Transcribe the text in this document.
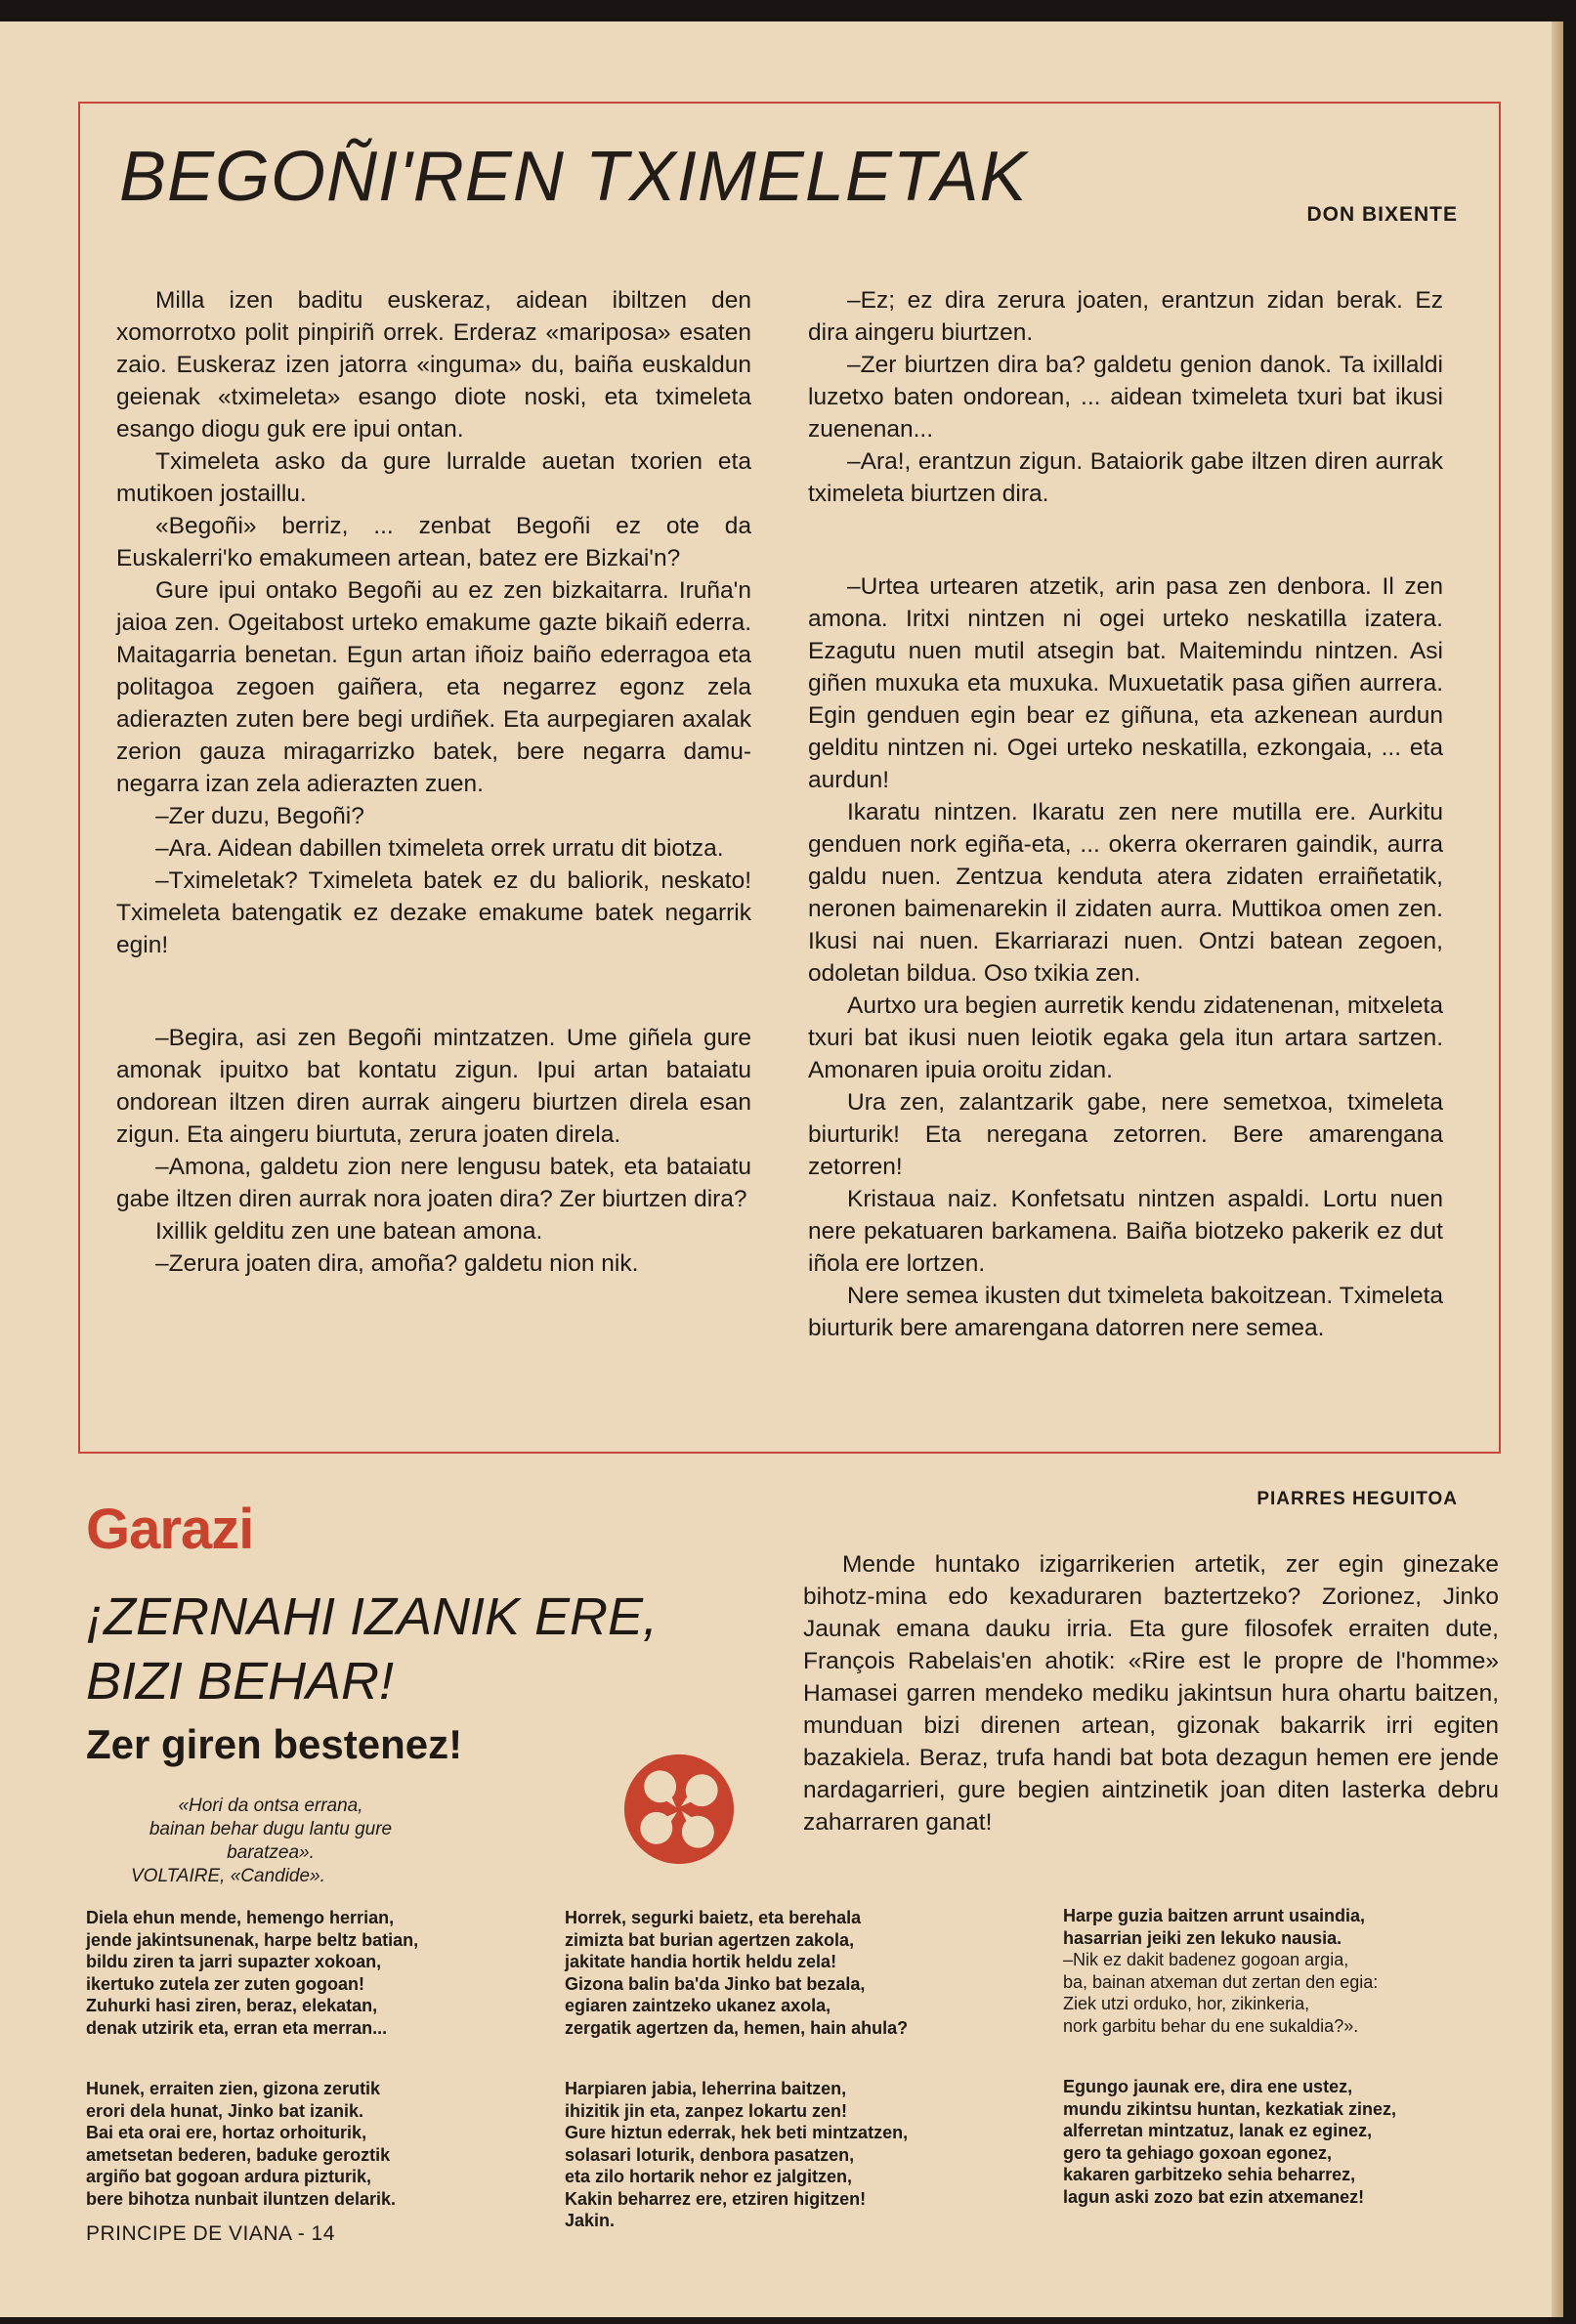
BEGOÑI'REN TXIMELETAK	DON BIXENTE

Milla izen baditu euskeraz, aidean ibiltzen den xomorrotxo polit pinpiriñ orrek. Erderaz «mariposa» esaten zaio. Euskeraz izen jatorra «inguma» du, baiña euskaldun geienak «tximeleta» esango diote noski, eta tximeleta esango diogu guk ere ipui ontan.

Tximeleta asko da gure lurralde auetan txorien eta mutikoen jostaillu.

«Begoñi» berriz, ... zenbat Begoñi ez ote da Euskalerri'ko emakumeen artean, batez ere Bizkai'n?

Gure ipui ontako Begoñi au ez zen bizkaitarra. Iruña'n jaioa zen. Ogeitabost urteko emakume gazte bikaiñ ederra. Maitagarria benetan. Egun artan iñoiz baiño ederragoa eta politagoa zegoen gaiñera, eta negarrez egonz zela adierazten zuten bere begi urdiñek. Eta aurpegiaren axalak zerion gauza miragarrizko batek, bere negarra damu-negarra izan zela adierazten zuen.

–Zer duzu, Begoñi?

–Ara. Aidean dabillen tximeleta orrek urratu dit biotza.

–Tximeletak? Tximeleta batek ez du baliorik, neskato! Tximeleta batengatik ez dezake emakume batek negarrik egin!

–Begira, asi zen Begoñi mintzatzen. Ume giñela gure amonak ipuitxo bat kontatu zigun. Ipui artan bataiatu ondorean iltzen diren aurrak aingeru biurtzen direla esan zigun. Eta aingeru biurtuta, zerura joaten direla.

–Amona, galdetu zion nere lengusu batek, eta bataiatu gabe iltzen diren aurrak nora joaten dira? Zer biurtzen dira?

Ixillik gelditu zen une batean amona.

–Zerura joaten dira, amoña? galdetu nion nik.

–Ez; ez dira zerura joaten, erantzun zidan berak. Ez dira aingeru biurtzen.

–Zer biurtzen dira ba? galdetu genion danok. Ta ixillaldi luzetxo baten ondorean, ... aidean tximeleta txuri bat ikusi zuenenan...

–Ara!, erantzun zigun. Bataiorik gabe iltzen diren aurrak tximeleta biurtzen dira.

–Urtea urtearen atzetik, arin pasa zen denbora. Il zen amona. Iritxi nintzen ni ogei urteko neskatilla izatera. Ezagutu nuen mutil atsegin bat. Maitemindu nintzen. Asi giñen muxuka eta muxuka. Muxuetatik pasa giñen aurrera. Egin genduen egin bear ez giñuna, eta azkenean aurdun gelditu nintzen ni. Ogei urteko neskatilla, ezkongaia, ... eta aurdun!

Ikaratu nintzen. Ikaratu zen nere mutilla ere. Aurkitu genduen nork egiña-eta, ... okerra okerraren gaindik, aurra galdu nuen. Zentzua kenduta atera zidaten erraiñetatik, neronen baimenarekin il zidaten aurra. Muttikoa omen zen. Ikusi nai nuen. Ekarriarazi nuen. Ontzi batean zegoen, odoletan bildua. Oso txikia zen.

Aurtxo ura begien aurretik kendu zidatenenan, mitxeleta txuri bat ikusi nuen leiotik egaka gela itun artara sartzen. Amonaren ipuia oroitu zidan.

Ura zen, zalantzarik gabe, nere semetxoa, tximeleta biurturik! Eta neregana zetorren. Bere amarengana zetorren!

Kristaua naiz. Konfetsatu nintzen aspaldi. Lortu nuen nere pekatuaren barkamena. Baiña biotzeko pakerik ez dut iñola ere lortzen.

Nere semea ikusten dut tximeleta bakoitzean. Tximeleta biurturik bere amarengana datorren nere semea.

Garazi	PIARRES HEGUITOA
¡ZERNAHI IZANIK ERE,
BIZI BEHAR!
Zer giren bestenez!
«Hori da ontsa errana,
bainan behar dugu lantu gure
baratzea».
VOLTAIRE, «Candide».

Mende huntako izigarrikerien artetik, zer egin ginezake bihotz-mina edo kexaduraren baztertzeko? Zorionez, Jinko Jaunak emana dauku irria. Eta gure filosofek erraiten dute, François Rabelais'en ahotik: «Rire est le propre de l'homme» Hamasei garren mendeko mediku jakintsun hura ohartu baitzen, munduan bizi direnen artean, gizonak bakarrik irri egiten bazakiela. Beraz, trufa handi bat bota dezagun hemen ere jende nardagarrieri, gure begien aintzinetik joan diten lasterka debru zaharraren ganat!

Diela ehun mende, hemengo herrian,

jende jakintsunenak, harpe beltz batian,

bildu ziren ta jarri supazter xokoan,

ikertuko zutela zer zuten gogoan!

Zuhurki hasi ziren, beraz, elekatan,

denak utzirik eta, erran eta merran...

Hunek, erraiten zien, gizona zerutik

erori dela hunat, Jinko bat izanik.

Bai eta orai ere, hortaz orhoiturik,

ametsetan bederen, baduke geroztik

argiño bat gogoan ardura pizturik,

bere bihotza nunbait iluntzen delarik.

Horrek, segurki baietz, eta berehala

zimizta bat burian agertzen zakola,

jakitate handia hortik heldu zela!

Gizona balin ba'da Jinko bat bezala,

egiaren zaintzeko ukanez axola,

zergatik agertzen da, hemen, hain ahula?

Harpiaren jabia, leherrina baitzen,

ihizitik jin eta, zanpez lokartu zen!

Gure hiztun ederrak, hek beti mintzatzen,

solasari loturik, denbora pasatzen,

eta zilo hortarik nehor ez jalgitzen,

Kakin beharrez ere, etziren higitzen!

Jakin.

Harpe guzia baitzen arrunt usaindia,

hasarrian jeiki zen lekuko nausia.

–Nik ez dakit badenez gogoan argia,

ba, bainan atxeman dut zertan den egia:

Ziek utzi orduko, hor, zikinkeria,

nork garbitu behar du ene sukaldia?».

Egungo jaunak ere, dira ene ustez,

mundu zikintsu huntan, kezkatiak zinez,

alferretan mintzatuz, lanak ez eginez,

gero ta gehiago goxoan egonez,

kakaren garbitzeko sehia beharrez,

lagun aski zozo bat ezin atxemanez!

PRINCIPE DE VIANA - 14
